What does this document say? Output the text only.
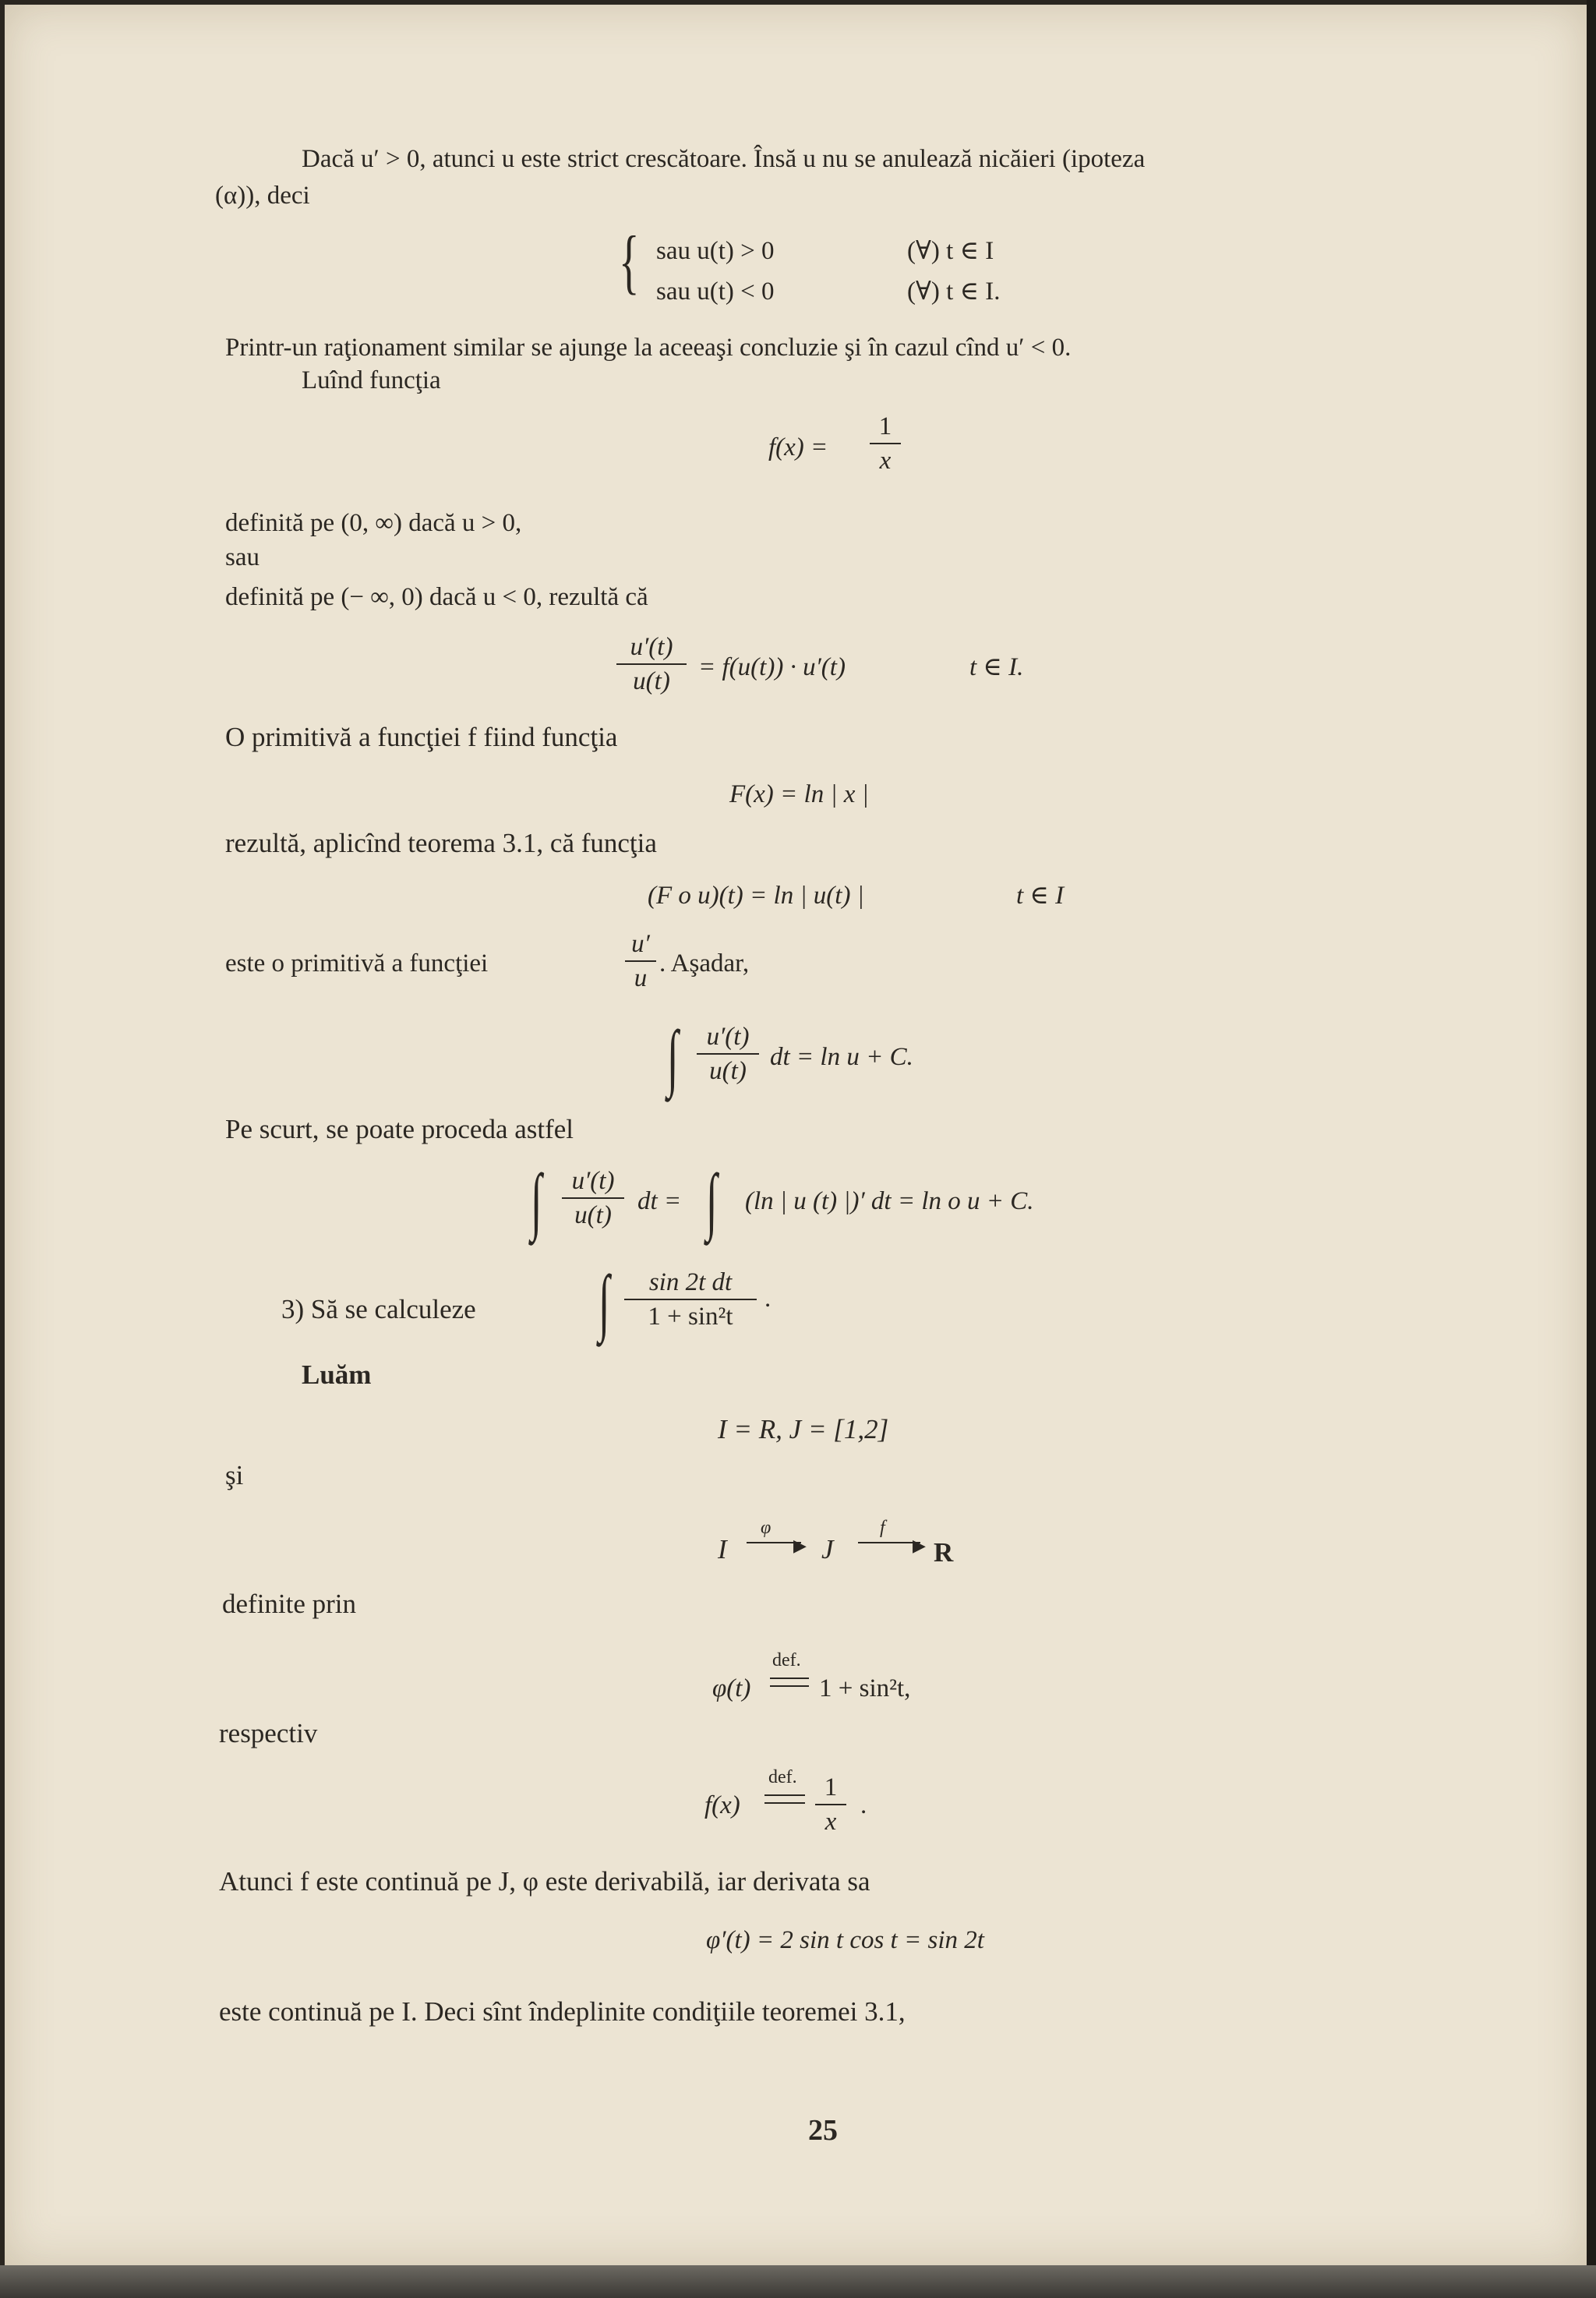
Dacă u′ > 0, atunci u este strict crescătoare. Însă u nu se anulează nicăieri (ipoteza
(α)), deci
{ sau u(t) > 0	(∀) t ∈ I
sau u(t) < 0	(∀) t ∈ I.
Printr-un raţionament similar se ajunge la aceeaşi concluzie şi în cazul cînd u′ < 0.
Luînd funcţia
f(x) =
1
x
definită pe (0, ∞) dacă u > 0,
sau
definită pe (− ∞, 0) dacă u < 0, rezultă că
u′(t)
u(t)	= f(u(t)) · u′(t)	t ∈ I.
O primitivă a funcţiei f fiind funcţia
F(x) = ln | x |
rezultă, aplicînd teorema 3.1, că funcţia
(F o u)(t) = ln | u(t) |	t ∈ I
este o primitivă a funcţiei
u′
u
. Aşadar,
∫	u′(t)
u(t) dt = ln u + C.
Pe scurt, se poate proceda astfel
∫	u′(t)
u(t)	dt = ∫ (ln | u (t) |)′ dt = ln o u + C.
3) Să se calculeze ∫	sin 2t dt
1 + sin²t
.
Luăm
I = R, J = [1,2]
şi
I
φ
▶ J
f
▶ R
definite prin
φ(t)
def.
1 + sin²t,
respectiv
f(x)
def.	1
x
.
Atunci f este continuă pe J, φ este derivabilă, iar derivata sa
φ′(t) = 2 sin t cos t = sin 2t
este continuă pe I. Deci sînt îndeplinite condiţiile teoremei 3.1,
25
